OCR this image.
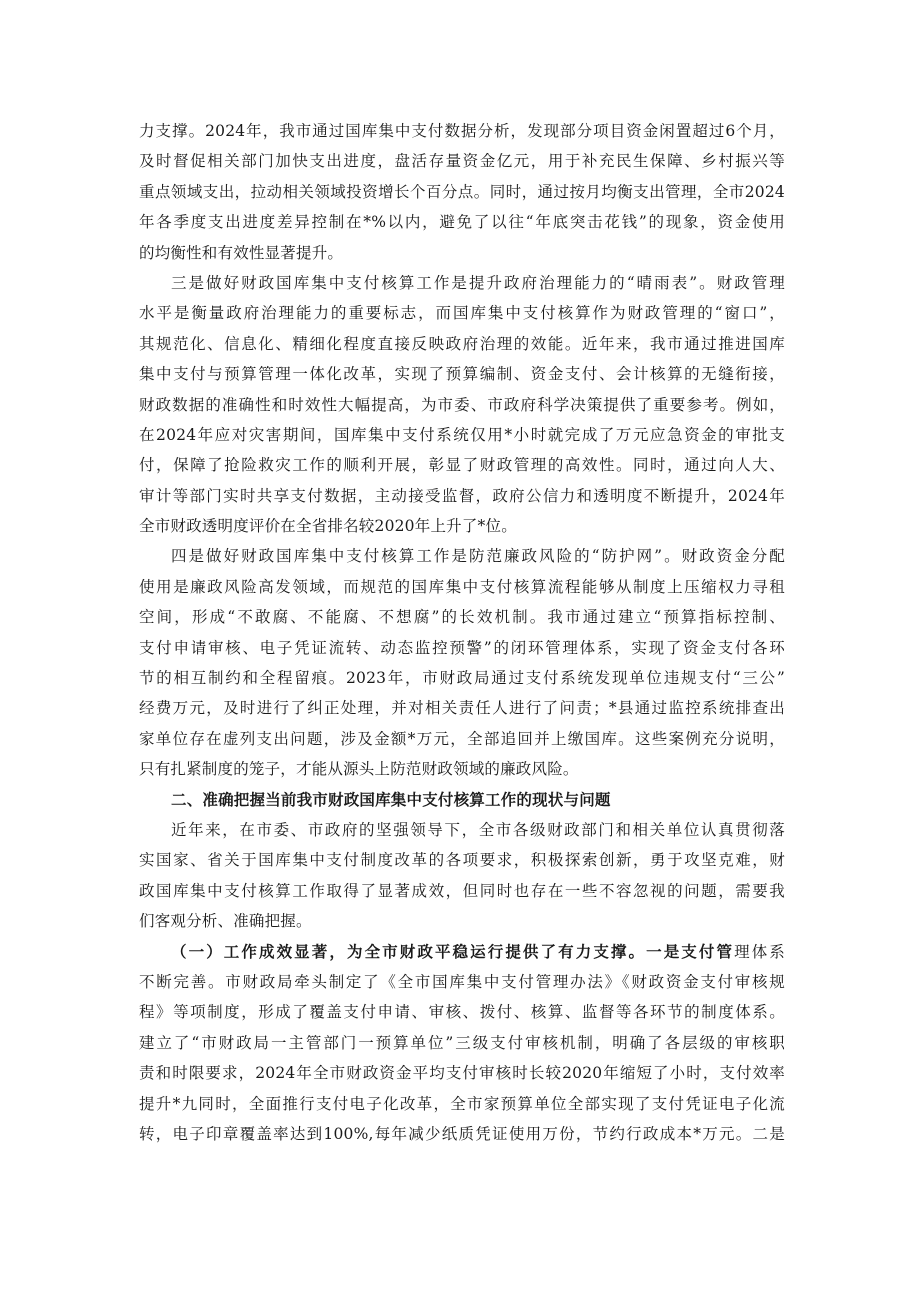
力支撑。2024年，我市通过国库集中支付数据分析，发现部分项目资金闲置超过6个月，
及时督促相关部门加快支出进度，盘活存量资金亿元，用于补充民生保障、乡村振兴等
重点领域支出，拉动相关领域投资增长个百分点。同时，通过按月均衡支出管理，全市2024
年各季度支出进度差异控制在*%以内，避免了以往“年底突击花钱”的现象，资金使用
的均衡性和有效性显著提升。
三是做好财政国库集中支付核算工作是提升政府治理能力的“晴雨表”。财政管理
水平是衡量政府治理能力的重要标志，而国库集中支付核算作为财政管理的“窗口”，
其规范化、信息化、精细化程度直接反映政府治理的效能。近年来，我市通过推进国库
集中支付与预算管理一体化改革，实现了预算编制、资金支付、会计核算的无缝衔接，
财政数据的准确性和时效性大幅提高，为市委、市政府科学决策提供了重要参考。例如，
在2024年应对灾害期间，国库集中支付系统仅用*小时就完成了万元应急资金的审批支
付，保障了抢险救灾工作的顺利开展，彰显了财政管理的高效性。同时，通过向人大、
审计等部门实时共享支付数据，主动接受监督，政府公信力和透明度不断提升，2024年
全市财政透明度评价在全省排名较2020年上升了*位。
四是做好财政国库集中支付核算工作是防范廉政风险的“防护网”。财政资金分配
使用是廉政风险高发领域，而规范的国库集中支付核算流程能够从制度上压缩权力寻租
空间，形成“不敢腐、不能腐、不想腐”的长效机制。我市通过建立“预算指标控制、
支付申请审核、电子凭证流转、动态监控预警”的闭环管理体系，实现了资金支付各环
节的相互制约和全程留痕。2023年，市财政局通过支付系统发现单位违规支付“三公”
经费万元，及时进行了纠正处理，并对相关责任人进行了问责；*县通过监控系统排查出
家单位存在虚列支出问题，涉及金额*万元，全部追回并上缴国库。这些案例充分说明，
只有扎紧制度的笼子，才能从源头上防范财政领域的廉政风险。
二、准确把握当前我市财政国库集中支付核算工作的现状与问题
近年来，在市委、市政府的坚强领导下，全市各级财政部门和相关单位认真贯彻落
实国家、省关于国库集中支付制度改革的各项要求，积极探索创新，勇于攻坚克难，财
政国库集中支付核算工作取得了显著成效，但同时也存在一些不容忽视的问题，需要我
们客观分析、准确把握。
（一）工作成效显著，为全市财政平稳运行提供了有力支撑。一是支付管理体系
不断完善。市财政局牵头制定了《全市国库集中支付管理办法》《财政资金支付审核规
程》等项制度，形成了覆盖支付申请、审核、拨付、核算、监督等各环节的制度体系。
建立了“市财政局一主管部门一预算单位”三级支付审核机制，明确了各层级的审核职
责和时限要求，2024年全市财政资金平均支付审核时长较2020年缩短了小时，支付效率
提升*九同时，全面推行支付电子化改革，全市家预算单位全部实现了支付凭证电子化流
转，电子印章覆盖率达到100%,每年减少纸质凭证使用万份，节约行政成本*万元。二是
